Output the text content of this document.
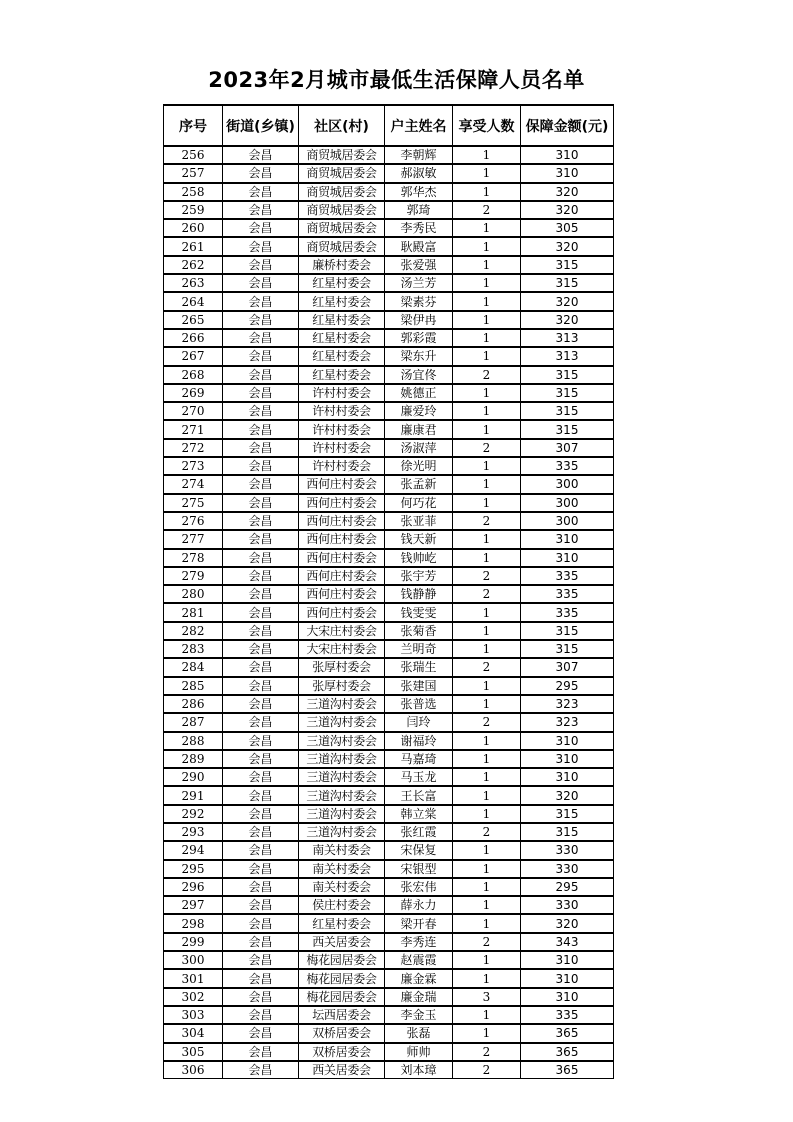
2023年2月城市最低生活保障人员名单
序号	街道(乡镇)	社区(村)	户主姓名	享受人数	保障金额(元)
256	会昌	商贸城居委会	李朝辉	1	310
257	会昌	商贸城居委会	郝淑敏	1	310
258	会昌	商贸城居委会	郭华杰	1	320
259	会昌	商贸城居委会	郭琦	2	320
260	会昌	商贸城居委会	李秀民	1	305
261	会昌	商贸城居委会	耿殿富	1	320
262	会昌	廉桥村委会	张爱强	1	315
263	会昌	红星村委会	汤兰芳	1	315
264	会昌	红星村委会	梁素芬	1	320
265	会昌	红星村委会	梁伊冉	1	320
266	会昌	红星村委会	郭彩霞	1	313
267	会昌	红星村委会	梁东升	1	313
268	会昌	红星村委会	汤宜佟	2	315
269	会昌	许村村委会	姚德正	1	315
270	会昌	许村村委会	廉爱玲	1	315
271	会昌	许村村委会	廉康君	1	315
272	会昌	许村村委会	汤淑萍	2	307
273	会昌	许村村委会	徐光明	1	335
274	会昌	西何庄村委会	张孟新	1	300
275	会昌	西何庄村委会	何巧花	1	300
276	会昌	西何庄村委会	张亚菲	2	300
277	会昌	西何庄村委会	钱天新	1	310
278	会昌	西何庄村委会	钱帅屹	1	310
279	会昌	西何庄村委会	张宇芳	2	335
280	会昌	西何庄村委会	钱静静	2	335
281	会昌	西何庄村委会	钱雯雯	1	335
282	会昌	大宋庄村委会	张菊香	1	315
283	会昌	大宋庄村委会	兰明奇	1	315
284	会昌	张厚村委会	张瑞生	2	307
285	会昌	张厚村委会	张建国	1	295
286	会昌	三道沟村委会	张普选	1	323
287	会昌	三道沟村委会	闫玲	2	323
288	会昌	三道沟村委会	谢福玲	1	310
289	会昌	三道沟村委会	马嘉琦	1	310
290	会昌	三道沟村委会	马玉龙	1	310
291	会昌	三道沟村委会	王长富	1	320
292	会昌	三道沟村委会	韩立棠	1	315
293	会昌	三道沟村委会	张红霞	2	315
294	会昌	南关村委会	宋保复	1	330
295	会昌	南关村委会	宋银型	1	330
296	会昌	南关村委会	张宏伟	1	295
297	会昌	侯庄村委会	薛永力	1	330
298	会昌	红星村委会	梁开春	1	320
299	会昌	西关居委会	李秀连	2	343
300	会昌	梅花园居委会	赵震霞	1	310
301	会昌	梅花园居委会	廉金霖	1	310
302	会昌	梅花园居委会	廉金瑞	3	310
303	会昌	坛西居委会	李金玉	1	335
304	会昌	双桥居委会	张磊	1	365
305	会昌	双桥居委会	师帅	2	365
306	会昌	西关居委会	刘本璋	2	365
